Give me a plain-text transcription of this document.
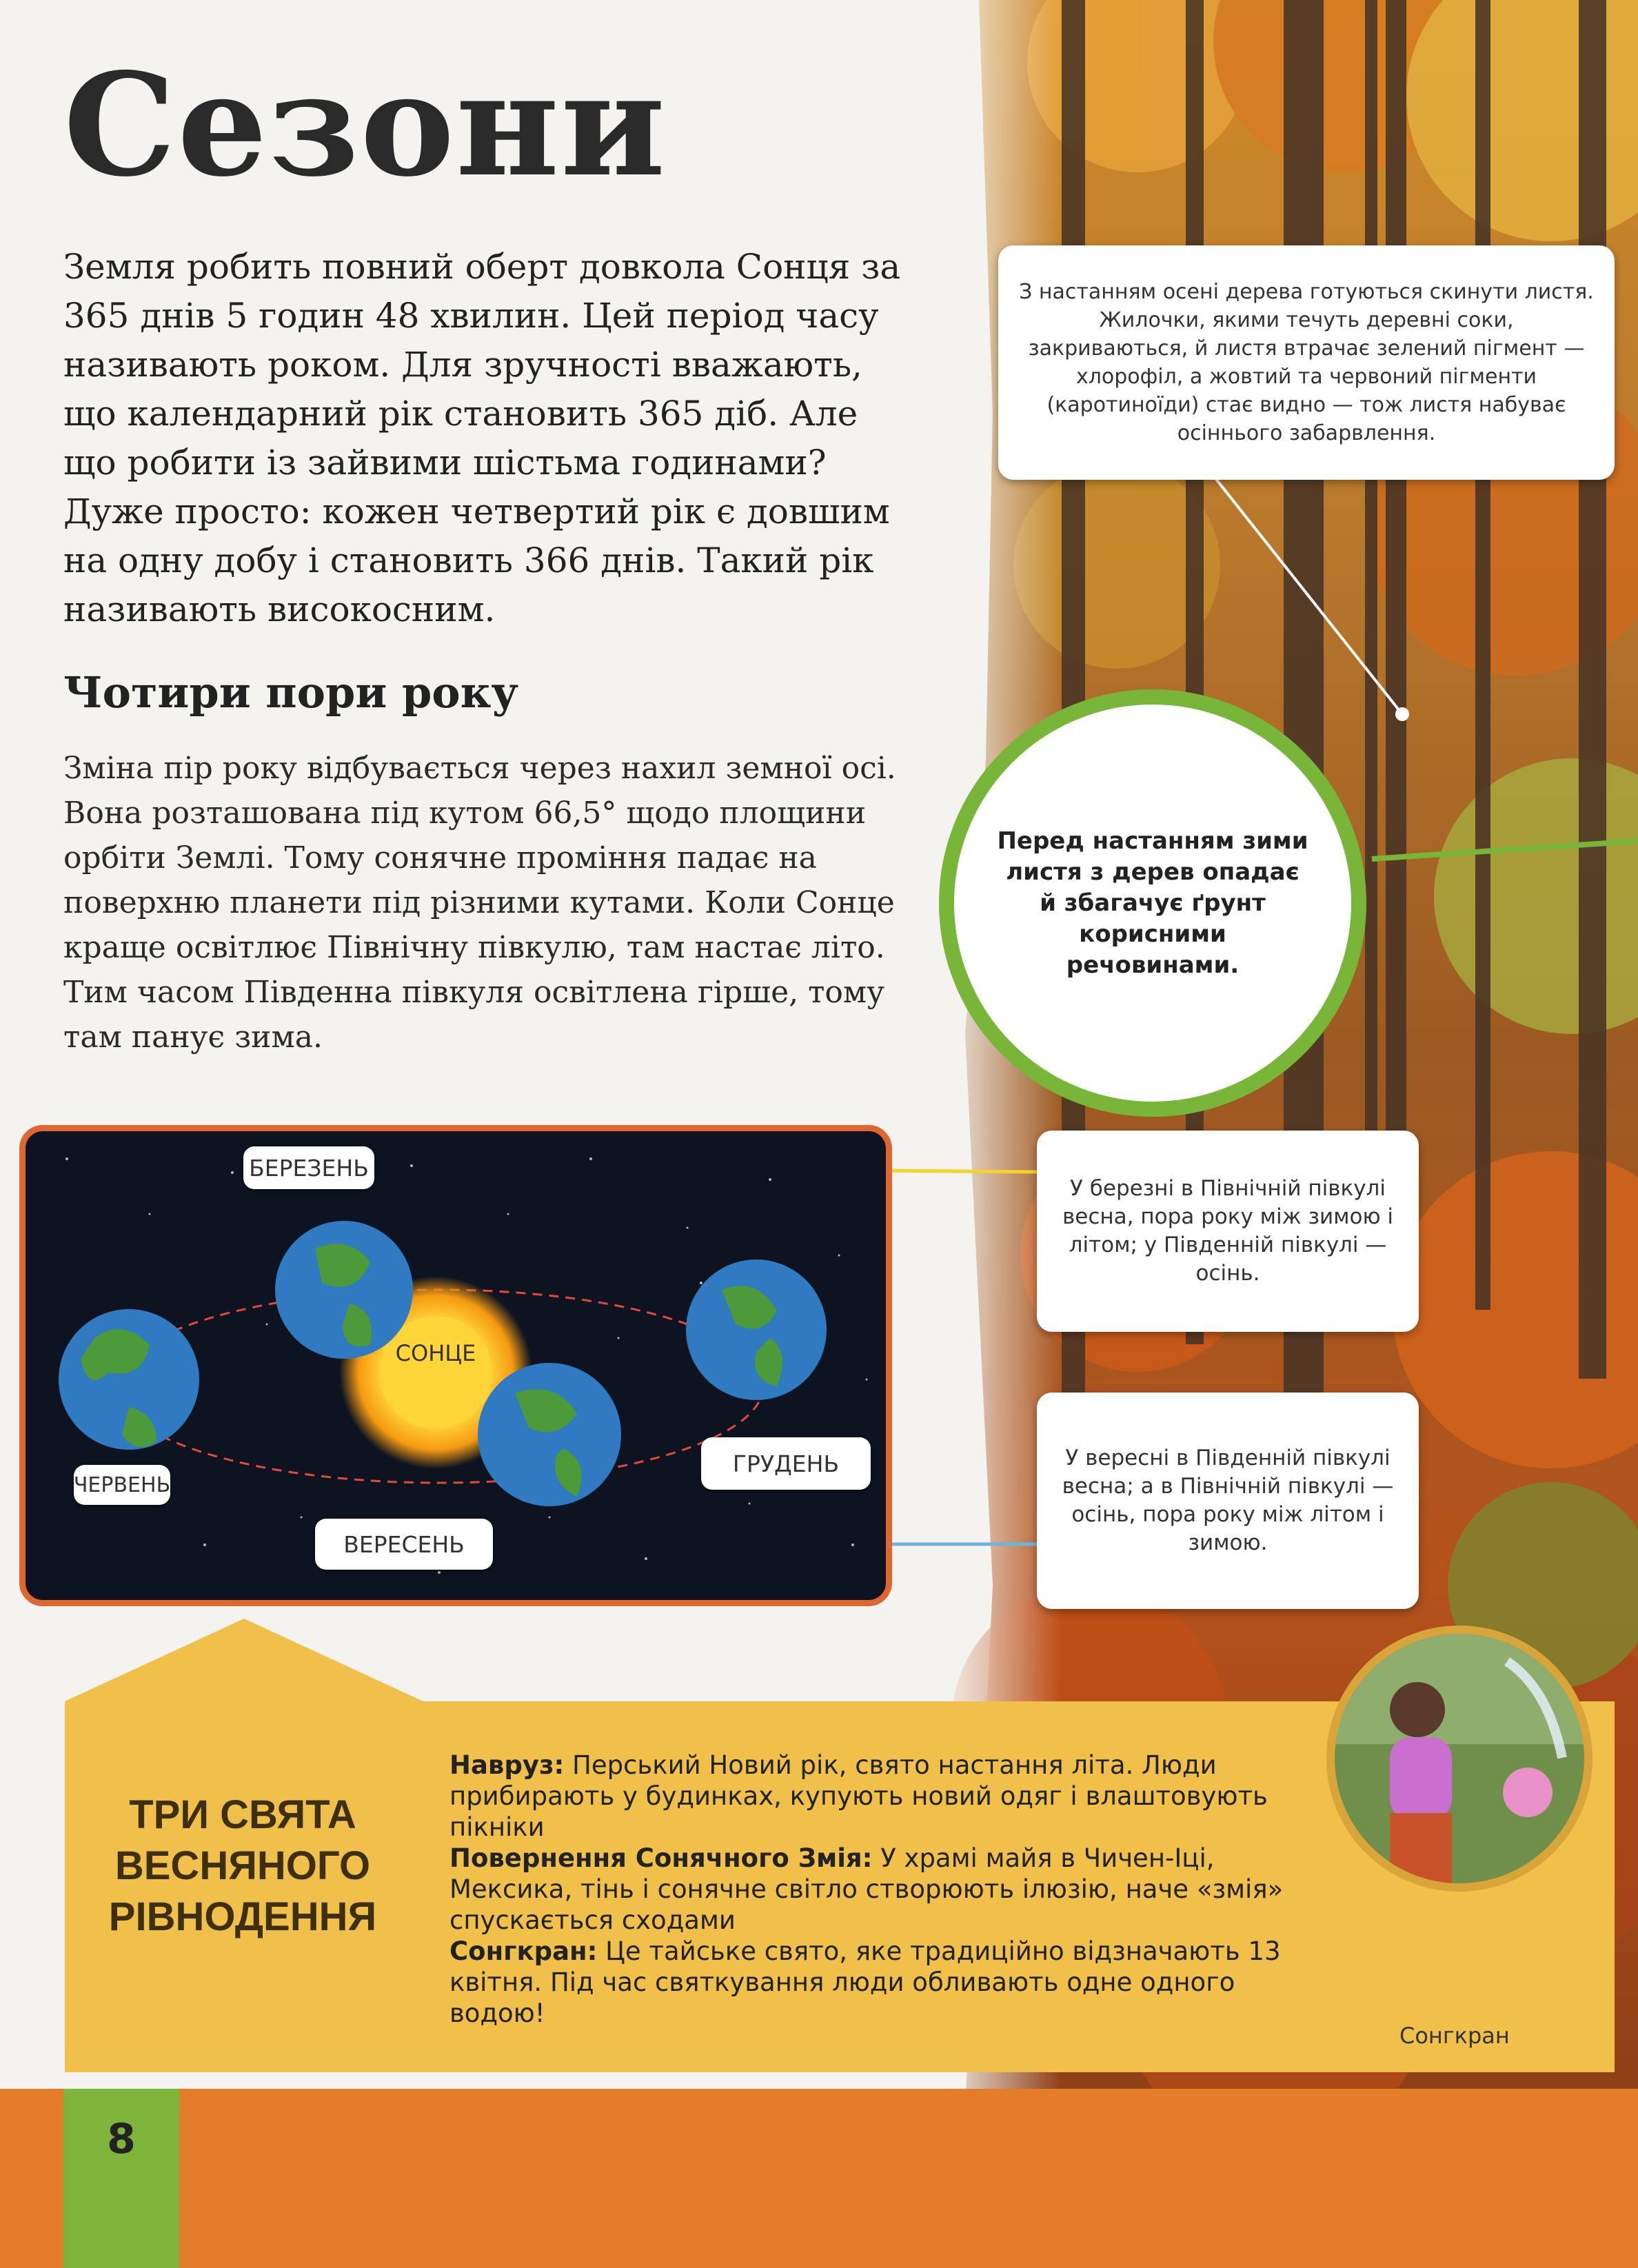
Сезони

Земля робить повний оберт довкола Сонця за 365 днів 5 годин 48 хвилин. Цей період часу називають роком. Для зручності вважають, що календарний рік становить 365 діб. Але що робити із зайвими шістьма годинами? Дуже просто: кожен четвертий рік є довшим на одну добу і становить 366 днів. Такий рік називають високосним.

Чотири пори року

Зміна пір року відбувається через нахил земної осі. Вона розташована під кутом 66,5° щодо площини орбіти Землі. Тому сонячне проміння падає на поверхню планети під різними кутами. Коли Сонце краще освітлює Північну півкулю, там настає літо. Тим часом Південна півкуля освітлена гірше, тому там панує зима.

З настанням осені дерева готуються скинути листя. Жилочки, якими течуть деревні соки, закриваються, й листя втрачає зелений пігмент — хлорофіл, а жовтий та червоний пігменти (каротиноїди) стає видно — тож листя набуває осіннього забарвлення.
Перед настанням зими листя з дерев опадає й збагачує ґрунт корисними речовинами.
У березні в Північній півкулі весна, пора року між зимою і літом; у Південній півкулі — осінь.
У вересні в Південній півкулі весна; а в Північній півкулі — осінь, пора року між літом і зимою.
БЕРЕЗЕНЬ
СОНЦЕ
ЧЕРВЕНЬ
ГРУДЕНЬ
ВЕРЕСЕНЬ
ТРИ СВЯТА ВЕСНЯНОГО РІВНОДЕННЯ
Навруз: Перський Новий рік, свято настання літа. Люди прибирають у будинках, купують новий одяг і влаштовують пікніки
Повернення Сонячного Змія: У храмі майя в Чичен-Іці, Мексика, тінь і сонячне світло створюють ілюзію, наче «змія» спускається сходами
Сонгкран: Це тайське свято, яке традиційно відзначають 13 квітня. Під час святкування люди обливають одне одного водою!
Сонгкран
8
